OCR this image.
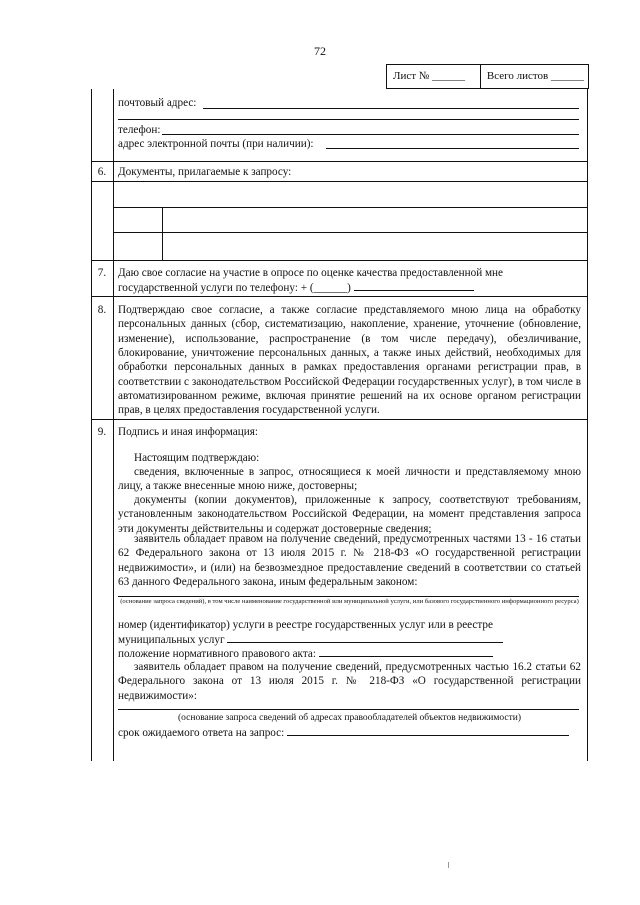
72
Лист № ______	Всего листов ______
почтовый адрес:
телефон:
адрес электронной почты (при наличии):
6.	Документы, прилагаемые к запросу:
7.	Даю свое согласие на участие в опросе по оценке качества предоставленной мне
государственной услуги по телефону: + (______)
8.	Подтверждаю свое согласие, а также согласие представляемого мною лица на обработку персональных данных (сбор, систематизацию, накопление, хранение, уточнение (обновление, изменение), использование, распространение (в том числе передачу), обезличивание, блокирование, уничтожение персональных данных, а также иных действий, необходимых для обработки персональных данных в рамках предоставления органами регистрации прав, в соответствии с законодательством Российской Федерации государственных услуг), в том числе в автоматизированном режиме, включая принятие решений на их основе органом регистрации прав, в целях предоставления государственной услуги.
9.	Подпись и иная информация:
Настоящим подтверждаю:
сведения, включенные в запрос, относящиеся к моей личности и представляемому мною лицу, а также внесенные мною ниже, достоверны;
документы (копии документов), приложенные к запросу, соответствуют требованиям, установленным законодательством Российской Федерации, на момент представления запроса эти документы действительны и содержат достоверные сведения;
заявитель обладает правом на получение сведений, предусмотренных частями 13 - 16 статьи 62 Федерального закона от 13 июля 2015 г. № 218-ФЗ «О государственной регистрации недвижимости», и (или) на безвозмездное предоставление сведений в соответствии со статьей 63 данного Федерального закона, иным федеральным законом:
(основание запроса сведений), в том числе наименование государственной или муниципальной услуги, или базового государственного информационного ресурса)
номер (идентификатор) услуги в реестре государственных услуг или в реестре
муниципальных услуг
положение нормативного правового акта:
заявитель обладает правом на получение сведений, предусмотренных частью 16.2 статьи 62 Федерального закона от 13 июля 2015 г. № 218-ФЗ «О государственной регистрации недвижимости»:
(основание запроса сведений об адресах правообладателей объектов недвижимости)
срок ожидаемого ответа на запрос:
